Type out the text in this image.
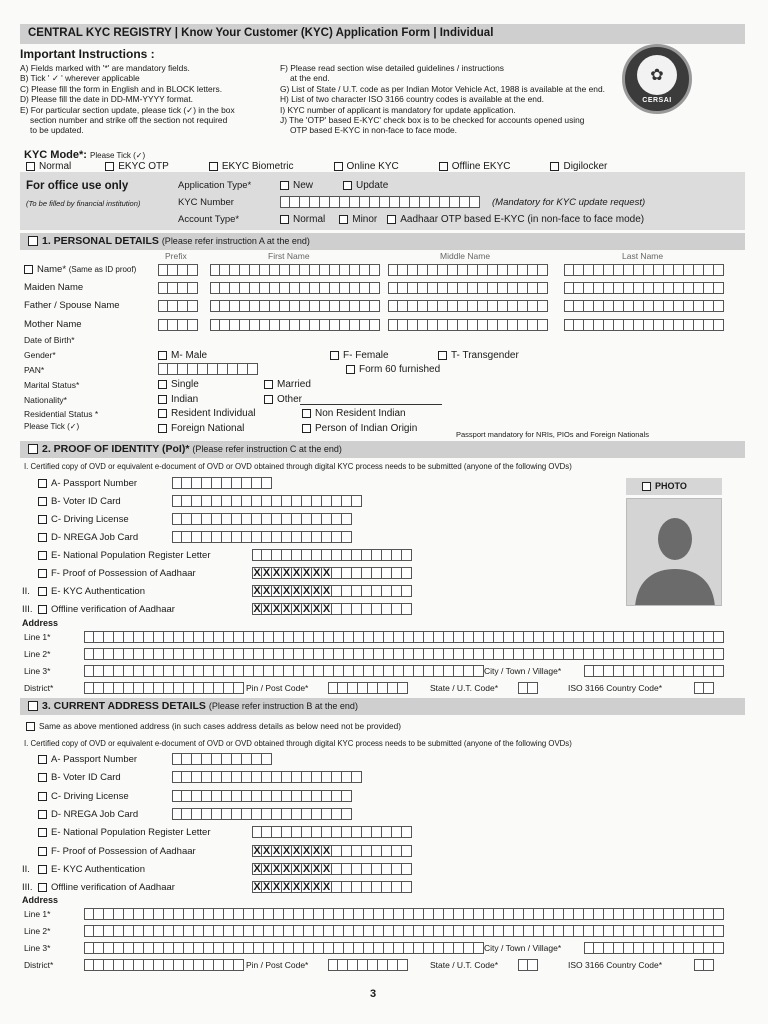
CENTRAL KYC REGISTRY | Know Your Customer (KYC) Application Form | Individual
Important Instructions :
A) Fields marked with '*' are mandatory fields.
B) Tick ' ✓ ' wherever applicable
C) Please fill the form in English and in BLOCK letters.
D) Please fill the date in DD-MM-YYYY format.
E) For particular section update, please tick (✓) in the box
section number and strike off the section not required
to be updated.
F) Please read section wise detailed guidelines / instructions
at the end.
G) List of State / U.T. code as per Indian Motor Vehicle Act, 1988 is available at the end.
H) List of two character ISO 3166 country codes is available at the end.
I) KYC number of applicant is mandatory for update application.
J) The 'OTP' based E-KYC' check box is to be checked for accounts opened using
OTP based E-KYC in non-face to face mode.
✿
CERSAI
KYC Mode*: Please Tick (✓)
Normal	EKYC OTP	EKYC Biometric	Online KYC	Offline EKYC	Digilocker
For office use only
(To be filled by financial institution)
Application Type*	New	Update
KYC Number	(Mandatory for KYC update request)
Account Type*	Normal	Minor	Aadhaar OTP based E-KYC (in non-face to face mode)
1. PERSONAL DETAILS (Please refer instruction A at the end)
Prefix	First Name	Middle Name	Last Name
Name* (Same as ID proof)
Maiden Name
Father / Spouse Name
Mother Name
Date of Birth*
Gender*	M- Male	F- Female	T- Transgender
PAN*	Form 60 furnished
Marital Status*	Single	Married
Nationality*	Indian	Other
Residential Status *
Please Tick (✓)
Resident Individual	Non Resident Indian
Foreign National	Person of Indian Origin
Passport mandatory for NRIs, PIOs and Foreign Nationals
2. PROOF OF IDENTITY (PoI)* (Please refer instruction C at the end)
I. Certified copy of OVD or equivalent e-document of OVD or OVD obtained through digital KYC process needs to be submitted (anyone of the following OVDs)
PHOTO
Address
3. CURRENT ADDRESS DETAILS (Please refer instruction B at the end)
Same as above mentioned address (in such cases address details as below need not be provided)
I. Certified copy of OVD or equivalent e-document of OVD or OVD obtained through digital KYC process needs to be submitted (anyone of the following OVDs)
Address
3
A- Passport Number
B- Voter ID Card
C- Driving License
D- NREGA Job Card
E- National Population Register Letter
F- Proof of Possession of Aadhaar	X X X X X X X X
II.	E- KYC Authentication	X X X X X X X X
III.	Offline verification of Aadhaar	X X X X X X X X
A- Passport Number
B- Voter ID Card
C- Driving License
D- NREGA Job Card
E- National Population Register Letter
F- Proof of Possession of Aadhaar	X X X X X X X X
II.	E- KYC Authentication	X X X X X X X X
III.	Offline verification of Aadhaar	X X X X X X X X
Line 1*
Line 2*
Line 3*	City / Town / Village*
District*	Pin / Post Code*	State / U.T. Code*	ISO 3166 Country Code*
Line 1*
Line 2*
Line 3*	City / Town / Village*
District*	Pin / Post Code*	State / U.T. Code*	ISO 3166 Country Code*
